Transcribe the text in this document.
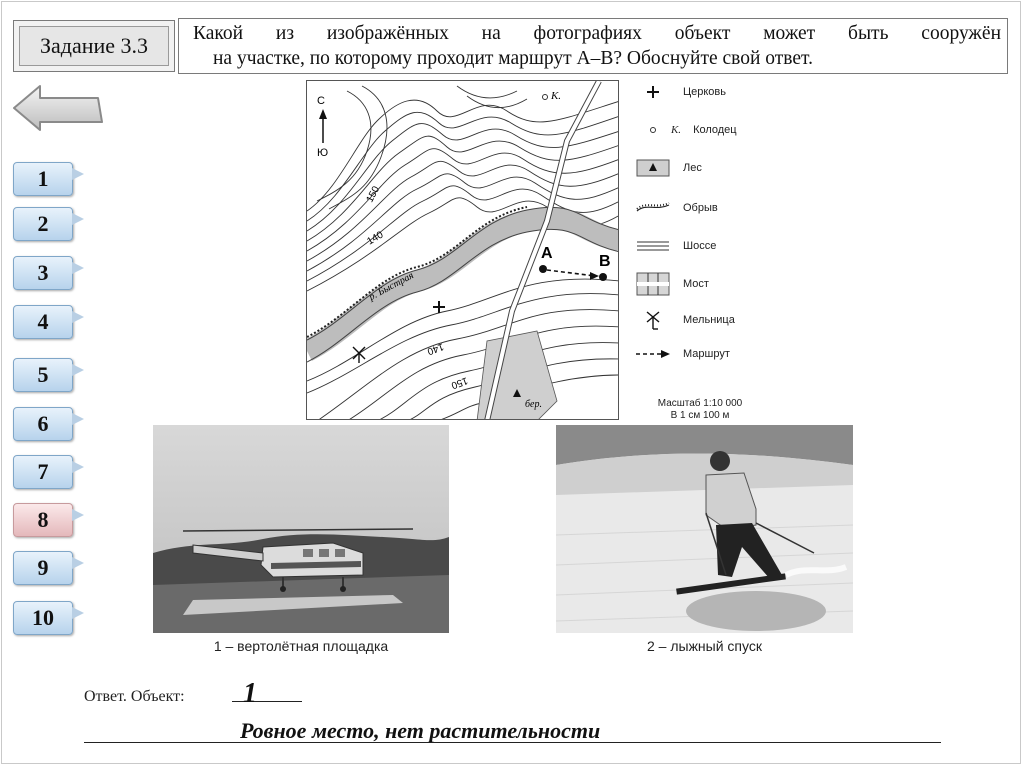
Задание 3.3	Какой из изображённых на фотографиях объект может быть сооружён
на участке, по которому проходит маршрут А–В? Обоснуйте свой ответ.
1
2
3
4
5
6
7
8
9
10
С
Ю
К.
р. Быстрая
А	В
150
140
140
150
бер.
Церковь
К. Колодец
Лес
Обрыв
Шоссе
Мост
Мельница
Маршрут
Масштаб 1:10 000
В 1 см 100 м
1 – вертолётная площадка	2 – лыжный спуск
Ответ. Объект: 1
Ровное место, нет растительности
